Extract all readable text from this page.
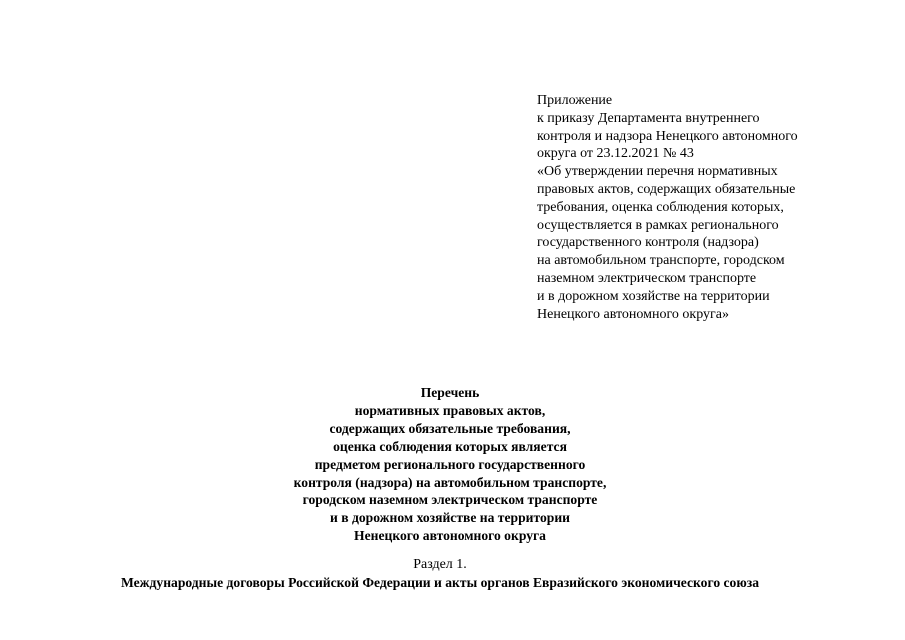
Приложение
к приказу Департамента внутреннего
контроля и надзора Ненецкого автономного
округа от 23.12.2021 № 43
«Об утверждении перечня нормативных
правовых актов, содержащих обязательные
требования, оценка соблюдения которых,
осуществляется в рамках регионального
государственного контроля (надзора)
на автомобильном транспорте, городском
наземном электрическом транспорте
и в дорожном хозяйстве на территории
Ненецкого автономного округа»
Перечень
нормативных правовых актов,
содержащих обязательные требования,
оценка соблюдения которых является
предметом регионального государственного
контроля (надзора) на автомобильном транспорте,
городском наземном электрическом транспорте
и в дорожном хозяйстве на территории
Ненецкого автономного округа
Раздел 1.
Международные договоры Российской Федерации и акты органов Евразийского экономического союза
